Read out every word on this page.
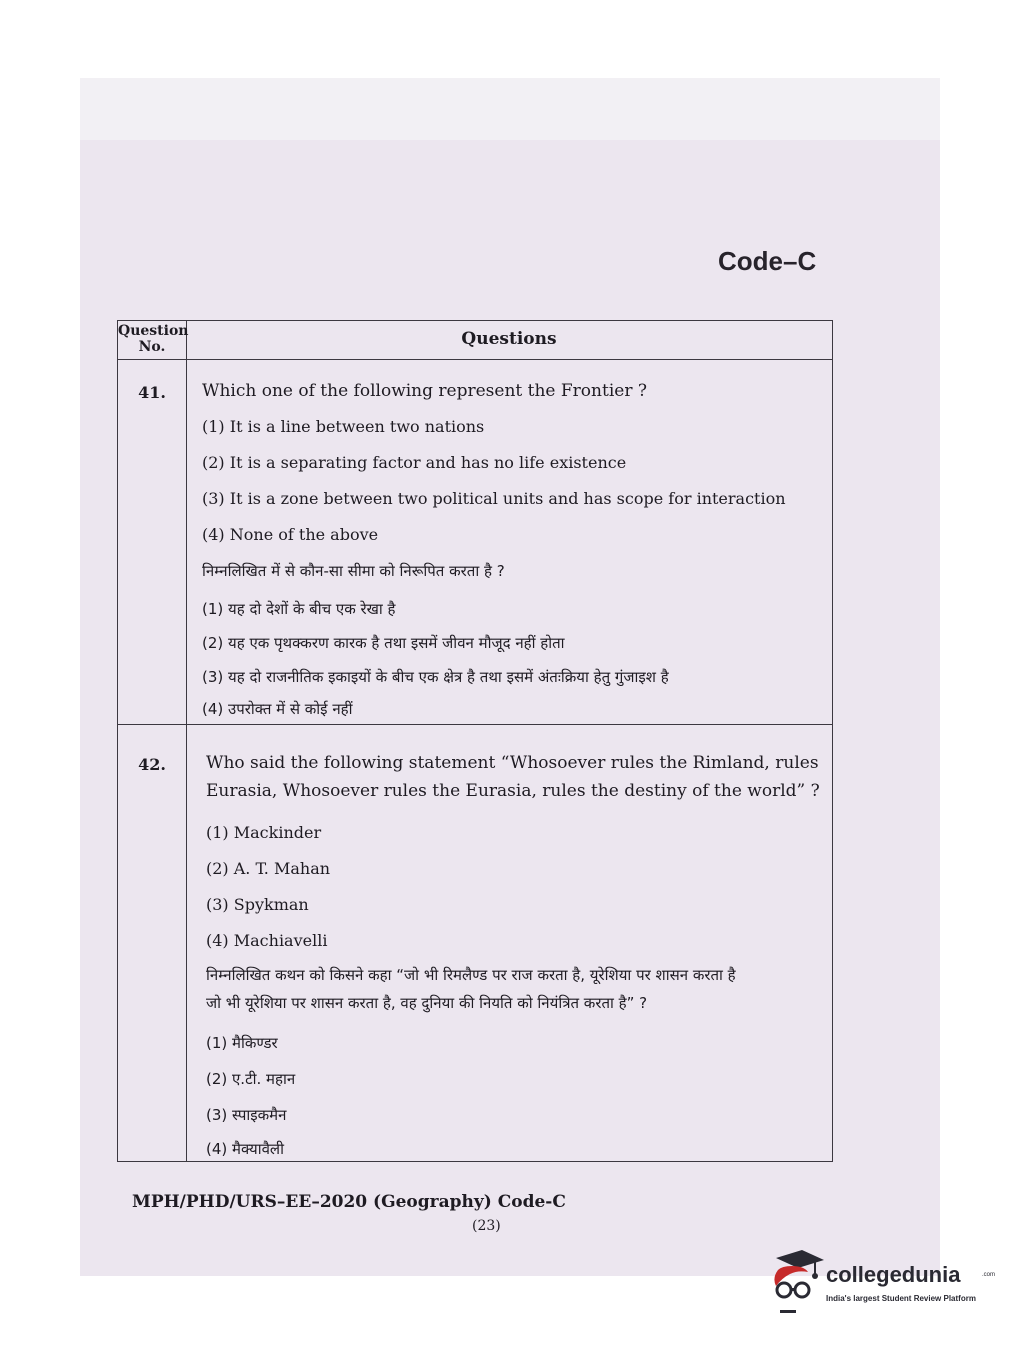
Code–C
Question No.	Questions
41.	Which one of the following represent the Frontier ?
(1) It is a line between two nations
(2) It is a separating factor and has no life existence
(3) It is a zone between two political units and has scope for interaction
(4) None of the above
निम्नलिखित में से कौन-सा सीमा को निरूपित करता है ?
(1) यह दो देशों के बीच एक रेखा है
(2) यह एक पृथक्करण कारक है तथा इसमें जीवन मौजूद नहीं होता
(3) यह दो राजनीतिक इकाइयों के बीच एक क्षेत्र है तथा इसमें अंतःक्रिया हेतु गुंजाइश है
(4) उपरोक्त में से कोई नहीं
42.	Who said the following statement “Whosoever rules the Rimland, rules
Eurasia, Whosoever rules the Eurasia, rules the destiny of the world” ?
(1) Mackinder
(2) A. T. Mahan
(3) Spykman
(4) Machiavelli
निम्नलिखित कथन को किसने कहा “जो भी रिमलैण्ड पर राज करता है, यूरेशिया पर शासन करता है
जो भी यूरेशिया पर शासन करता है, वह दुनिया की नियति को नियंत्रित करता है” ?
(1) मैकिण्डर
(2) ए.टी. महान
(3) स्पाइकमैन
(4) मैक्यावैली

MPH/PHD/URS–EE–2020 (Geography) Code-C

(23)
collegedunia	.com
India's largest Student Review Platform
